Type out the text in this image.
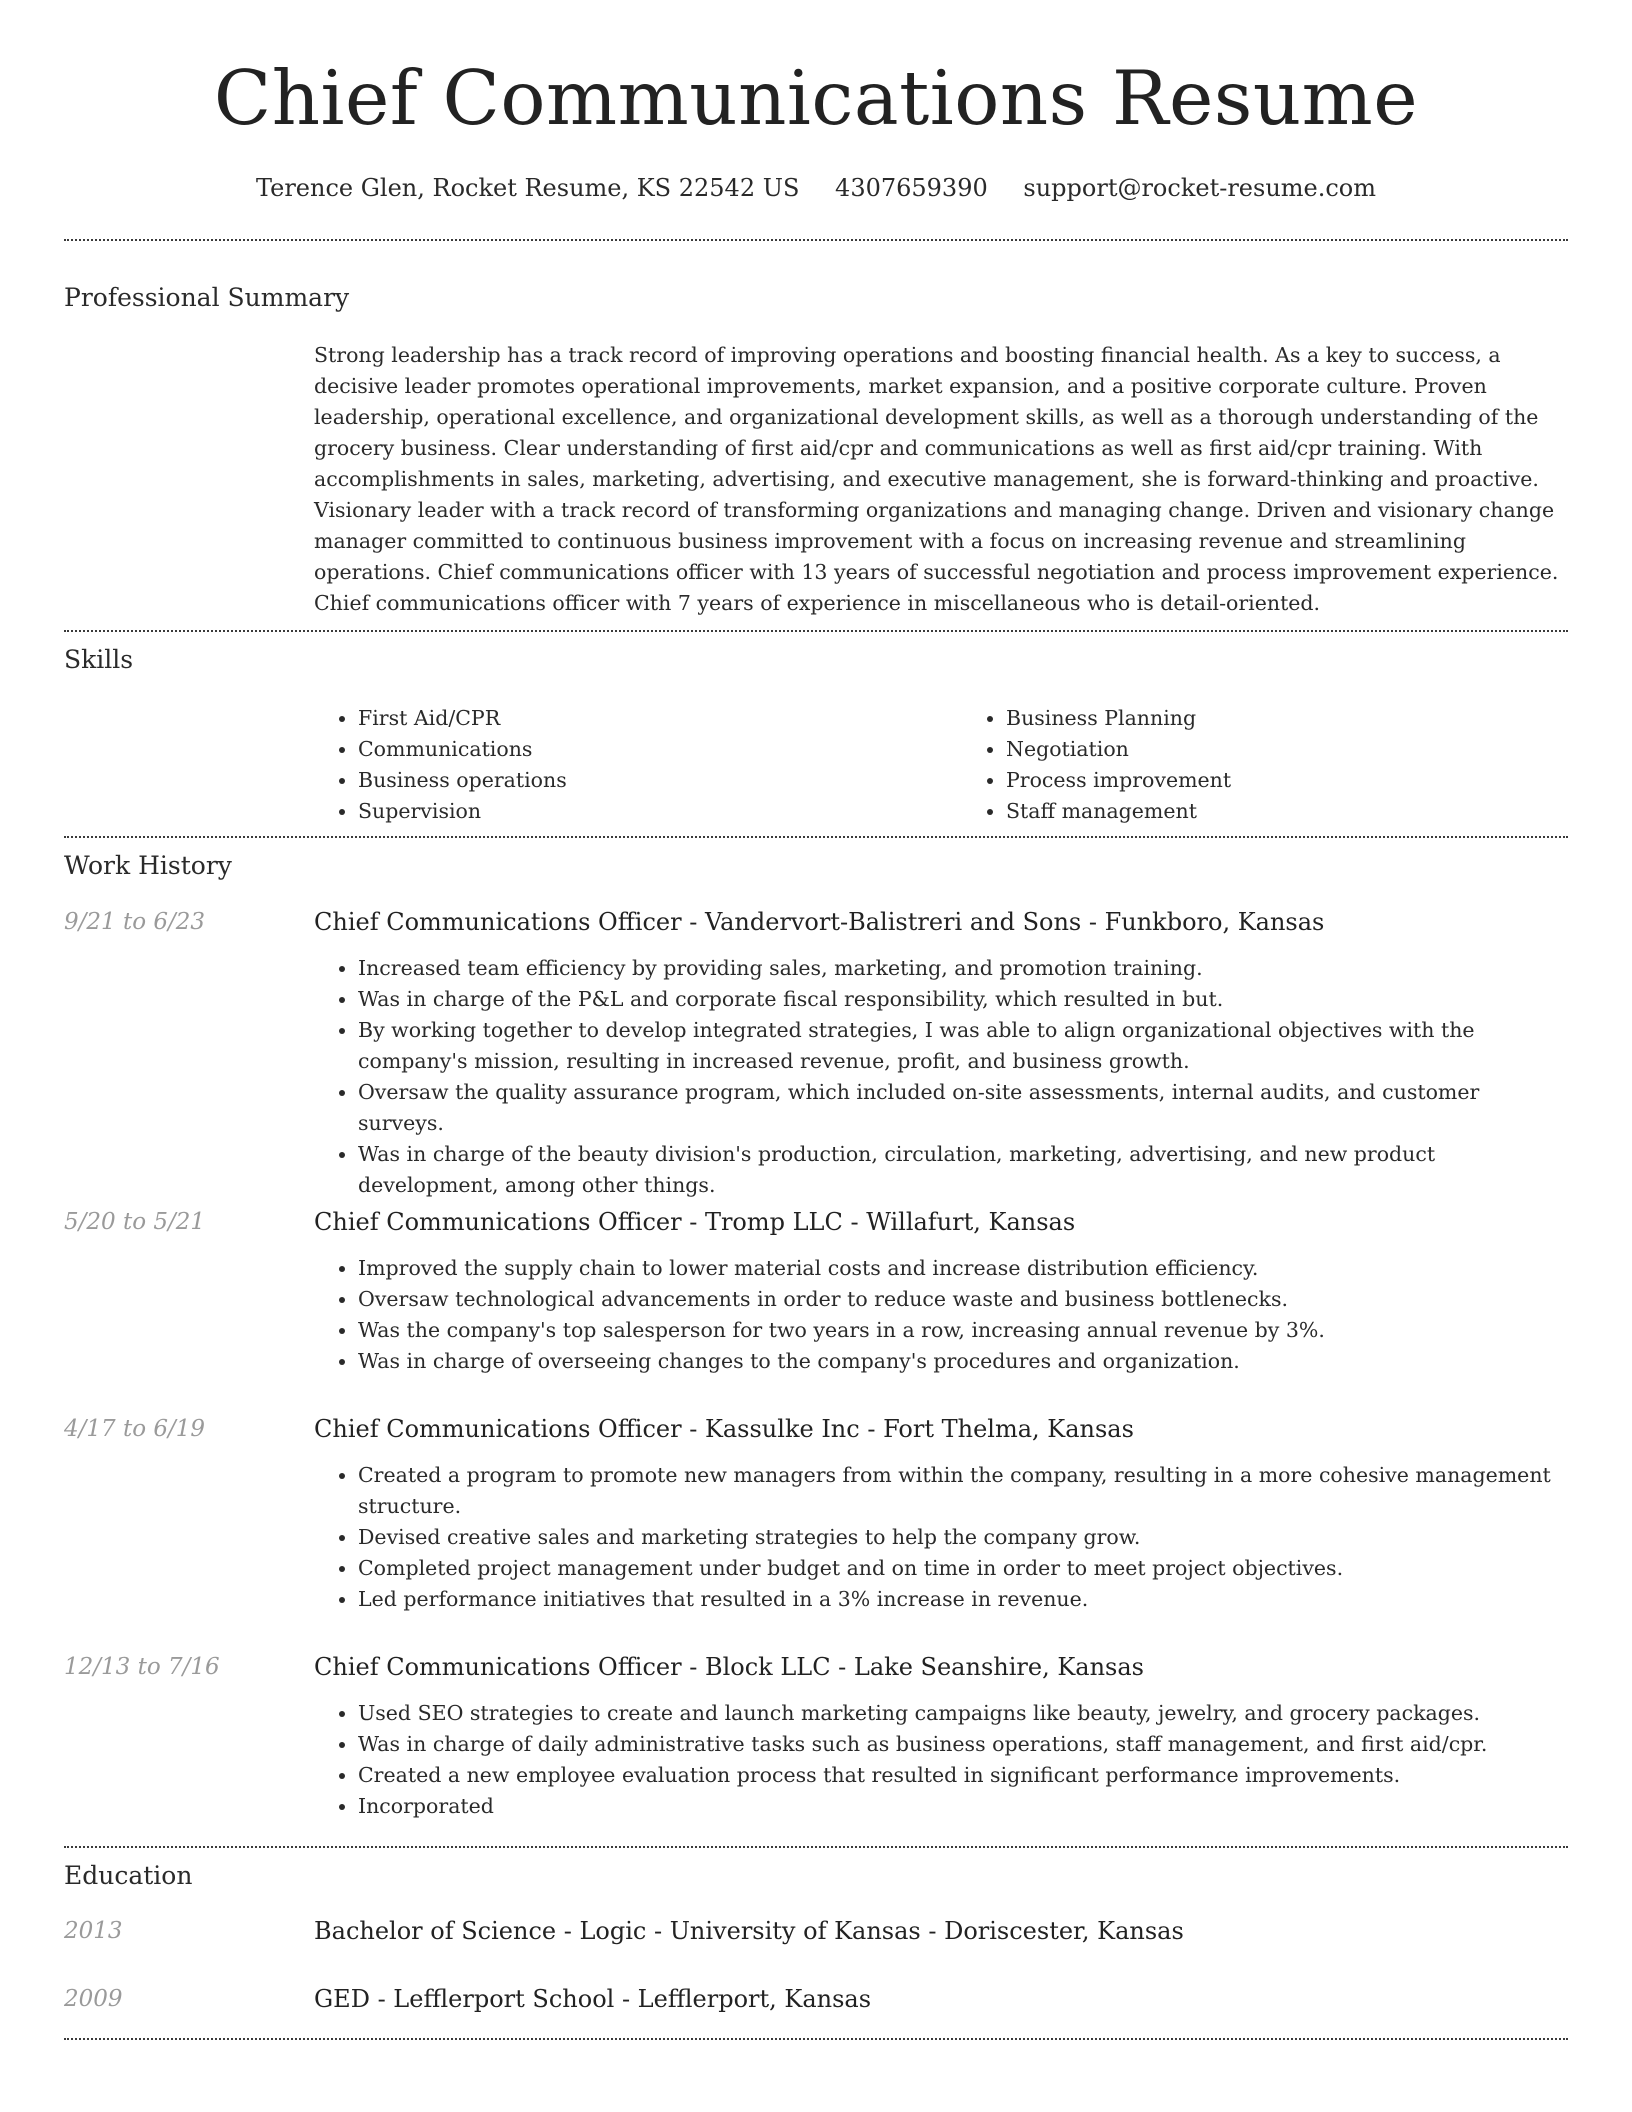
Chief Communications Resume
Terence Glen, Rocket Resume, KS 22542 US 4307659390 support@rocket-resume.com
Professional Summary

Strong leadership has a track record of improving operations and boosting financial health. As a key to success, a decisive leader promotes operational improvements, market expansion, and a positive corporate culture. Proven leadership, operational excellence, and organizational development skills, as well as a thorough understanding of the grocery business. Clear understanding of first aid/cpr and communications as well as first aid/cpr training. With accomplishments in sales, marketing, advertising, and executive management, she is forward-thinking and proactive. Visionary leader with a track record of transforming organizations and managing change. Driven and visionary change manager committed to continuous business improvement with a focus on increasing revenue and streamlining operations. Chief communications officer with 13 years of successful negotiation and process improvement experience. Chief communications officer with 7 years of experience in miscellaneous who is detail-oriented.

Skills
• First Aid/CPR
• Communications
• Business operations
• Supervision
• Business Planning
• Negotiation
• Process improvement
• Staff management
Work History
9/21 to 6/23	Chief Communications Officer - Vandervort-Balistreri and Sons - Funkboro, Kansas
• Increased team efficiency by providing sales, marketing, and promotion training.
• Was in charge of the P&L and corporate fiscal responsibility, which resulted in but.
• By working together to develop integrated strategies, I was able to align organizational objectives with the company's mission, resulting in increased revenue, profit, and business growth.
• Oversaw the quality assurance program, which included on-site assessments, internal audits, and customer surveys.
• Was in charge of the beauty division's production, circulation, marketing, advertising, and new product development, among other things.
5/20 to 5/21	Chief Communications Officer - Tromp LLC - Willafurt, Kansas
• Improved the supply chain to lower material costs and increase distribution efficiency.
• Oversaw technological advancements in order to reduce waste and business bottlenecks.
• Was the company's top salesperson for two years in a row, increasing annual revenue by 3%.
• Was in charge of overseeing changes to the company's procedures and organization.
4/17 to 6/19	Chief Communications Officer - Kassulke Inc - Fort Thelma, Kansas
• Created a program to promote new managers from within the company, resulting in a more cohesive management structure.
• Devised creative sales and marketing strategies to help the company grow.
• Completed project management under budget and on time in order to meet project objectives.
• Led performance initiatives that resulted in a 3% increase in revenue.
12/13 to 7/16	Chief Communications Officer - Block LLC - Lake Seanshire, Kansas
• Used SEO strategies to create and launch marketing campaigns like beauty, jewelry, and grocery packages.
• Was in charge of daily administrative tasks such as business operations, staff management, and first aid/cpr.
• Created a new employee evaluation process that resulted in significant performance improvements.
• Incorporated
Education
2013	Bachelor of Science - Logic - University of Kansas - Doriscester, Kansas
2009	GED - Lefflerport School - Lefflerport, Kansas
